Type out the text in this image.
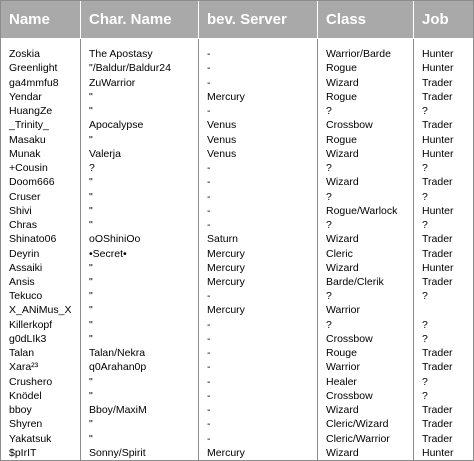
Name	Char. Name	bev. Server	Class	Job

Zoskia	The Apostasy	-	Warrior/Barde	Hunter
Greenlight	"/Baldur/Baldur24	-	Rogue	Hunter
ga4mmfu8	ZuWarrior	-	Wizard	Trader
Yendar	"	Mercury	Rogue	Trader
HuangZe	"	-	?	?
_Trinity_	Apocalypse	Venus	Crossbow	Trader
Masaku	"	Venus	Rogue	Hunter
Munak	Valerja	Venus	Wizard	Hunter
+Cousin	?	-	?	?
Doom666	"	-	Wizard	Trader
Cruser	"	-	?	?
Shivi	"	-	Rogue/Warlock	Hunter
Chras	"	-	?	?
Shinato06	oOShiniOo	Saturn	Wizard	Trader
Deyrin	•Secret•	Mercury	Cleric	Trader
Assaiki	"	Mercury	Wizard	Hunter
Ansis	"	Mercury	Barde/Clerik	Trader
Tekuco	"	-	?	?
X_ANiMus_X	"	Mercury	Warrior	
Killerkopf	"	-	?	?
g0dLIk3	"	-	Crossbow	?
Talan	Talan/Nekra	-	Rouge	Trader
Xara²³	q0Arahan0p	-	Warrior	Trader
Crushero	"	-	Healer	?
Knödel	"	-	Crossbow	?
bboy	Bboy/MaxiM	-	Wizard	Trader
Shyren	"	-	Cleric/Wizard	Trader
Yakatsuk	"	-	Cleric/Warrior	Trader
$pIrIT	Sonny/Spirit	Mercury	Wizard	Hunter
